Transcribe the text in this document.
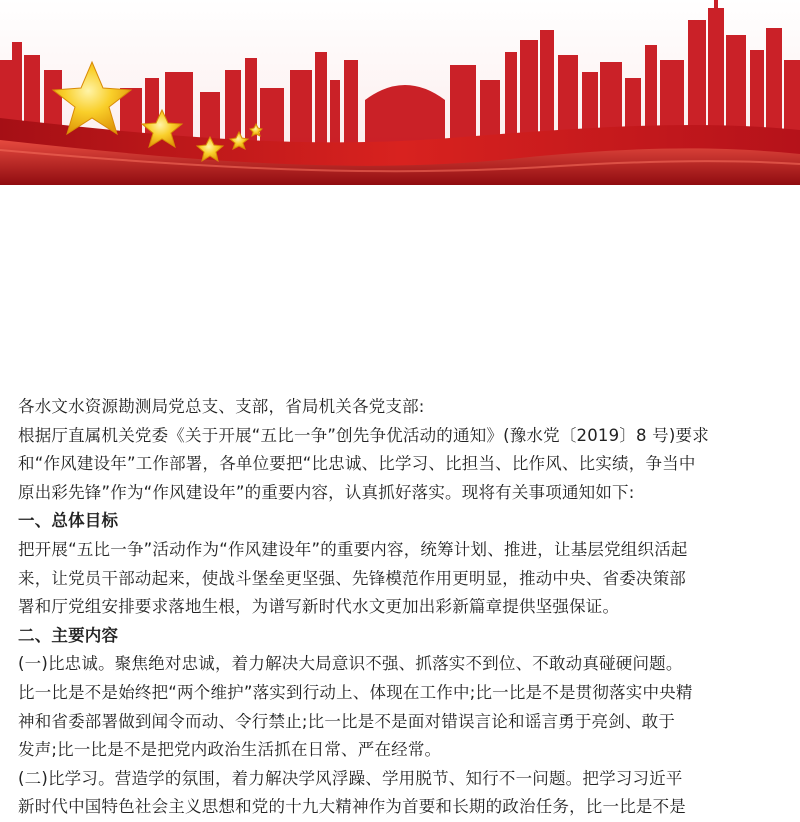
各水文水资源勘测局党总支、支部，省局机关各党支部:

根据厅直属机关党委《关于开展“五比一争”创先争优活动的通知》(豫水党〔2019〕8 号)要求

和“作风建设年”工作部署，各单位要把“比忠诚、比学习、比担当、比作风、比实绩，争当中

原出彩先锋”作为“作风建设年”的重要内容，认真抓好落实。现将有关事项通知如下:

一、总体目标

把开展“五比一争”活动作为“作风建设年”的重要内容，统筹计划、推进，让基层党组织活起

来，让党员干部动起来，使战斗堡垒更坚强、先锋模范作用更明显，推动中央、省委决策部

署和厅党组安排要求落地生根，为谱写新时代水文更加出彩新篇章提供坚强保证。

二、主要内容

(一)比忠诚。聚焦绝对忠诚，着力解决大局意识不强、抓落实不到位、不敢动真碰硬问题。

比一比是不是始终把“两个维护”落实到行动上、体现在工作中;比一比是不是贯彻落实中央精

神和省委部署做到闻令而动、令行禁止;比一比是不是面对错误言论和谣言勇于亮剑、敢于

发声;比一比是不是把党内政治生活抓在日常、严在经常。

(二)比学习。营造学的氛围，着力解决学风浮躁、学用脱节、知行不一问题。把学习习近平

新时代中国特色社会主义思想和党的十九大精神作为首要和长期的政治任务，比一比是不是
